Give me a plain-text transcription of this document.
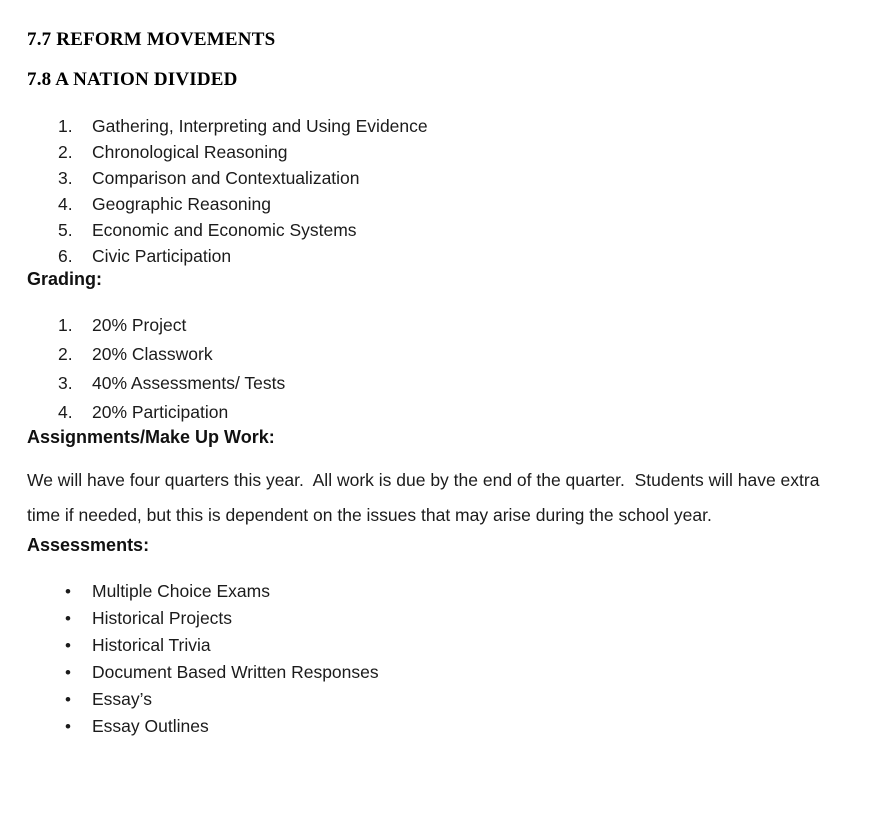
7.7 REFORM MOVEMENTS
7.8 A NATION DIVIDED
1.	Gathering, Interpreting and Using Evidence
2.	Chronological Reasoning
3.	Comparison and Contextualization
4.	Geographic Reasoning
5.	Economic and Economic Systems
6.	Civic Participation
Grading:
1.	20% Project
2.	20% Classwork
3.	40% Assessments/ Tests
4.	20% Participation
Assignments/Make Up Work:

We will have four quarters this year.  All work is due by the end of the quarter.  Students will have extra time if needed, but this is dependent on the issues that may arise during the school year.

Assessments:
•	Multiple Choice Exams
•	Historical Projects
•	Historical Trivia
•	Document Based Written Responses
•	Essay’s
•	Essay Outlines
